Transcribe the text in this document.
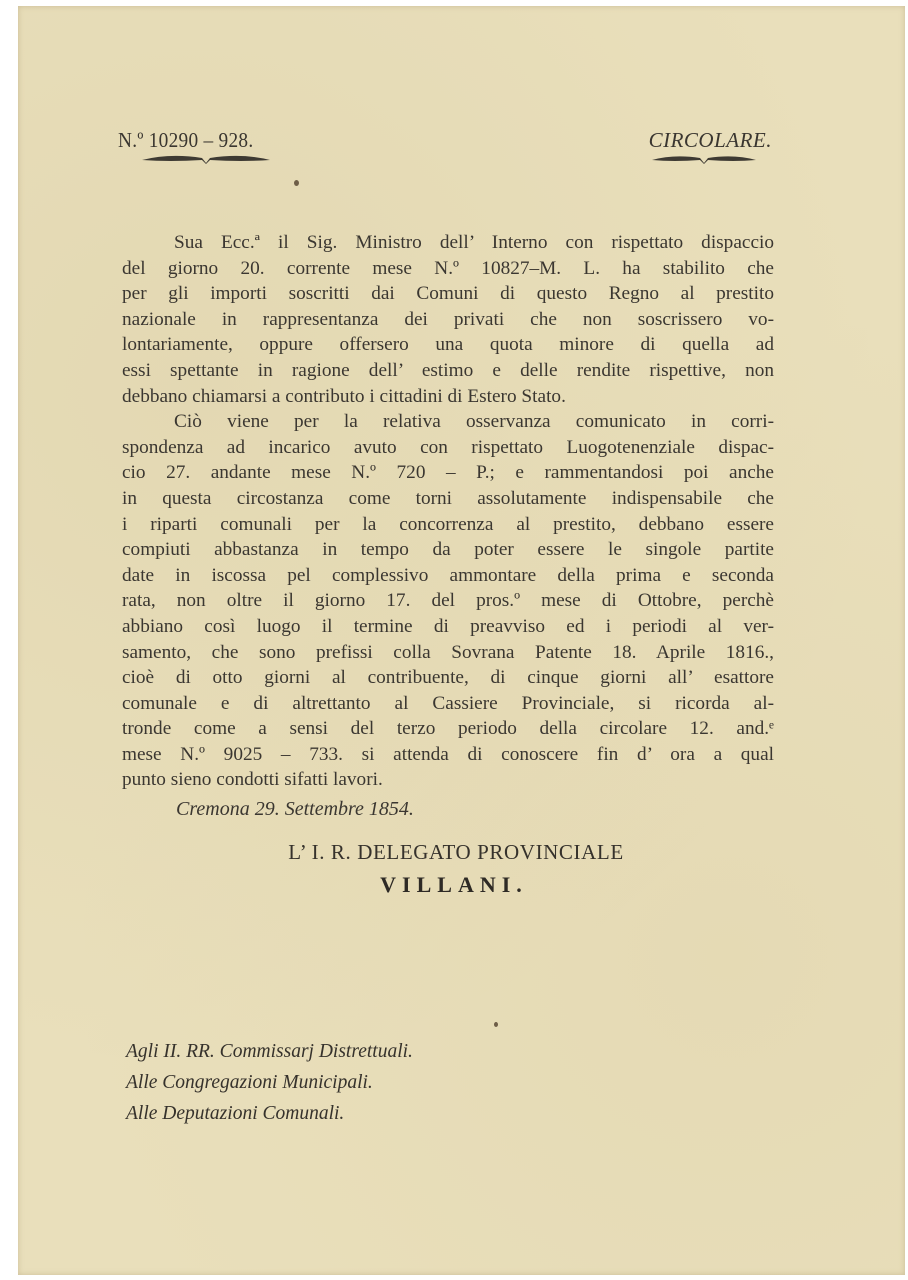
N.º 10290 – 928.	CIRCOLARE.
Sua Ecc.ª il Sig. Ministro dell’ Interno con rispettato dispaccio
del giorno 20. corrente mese N.º 10827–M. L. ha stabilito che
per gli importi soscritti dai Comuni di questo Regno al prestito
nazionale in rappresentanza dei privati che non soscrissero vo-
lontariamente, oppure offersero una quota minore di quella ad
essi spettante in ragione dell’ estimo e delle rendite rispettive, non
debbano chiamarsi a contributo i cittadini di Estero Stato.
Ciò viene per la relativa osservanza comunicato in corri-
spondenza ad incarico avuto con rispettato Luogotenenziale dispac-
cio 27. andante mese N.º 720 – P.; e rammentandosi poi anche
in questa circostanza come torni assolutamente indispensabile che
i riparti comunali per la concorrenza al prestito, debbano essere
compiuti abbastanza in tempo da poter essere le singole partite
date in iscossa pel complessivo ammontare della prima e seconda
rata, non oltre il giorno 17. del pros.º mese di Ottobre, perchè
abbiano così luogo il termine di preavviso ed i periodi al ver-
samento, che sono prefissi colla Sovrana Patente 18. Aprile 1816.,
cioè di otto giorni al contribuente, di cinque giorni all’ esattore
comunale e di altrettanto al Cassiere Provinciale, si ricorda al-
tronde come a sensi del terzo periodo della circolare 12. and.ᵉ
mese N.º 9025 – 733. si attenda di conoscere fin d’ ora a qual
punto sieno condotti sifatti lavori.
Cremona 29. Settembre 1854.
L’ I. R. DELEGATO PROVINCIALE
VILLANI.
Agli II. RR. Commissarj Distrettuali.
Alle Congregazioni Municipali.
Alle Deputazioni Comunali.
